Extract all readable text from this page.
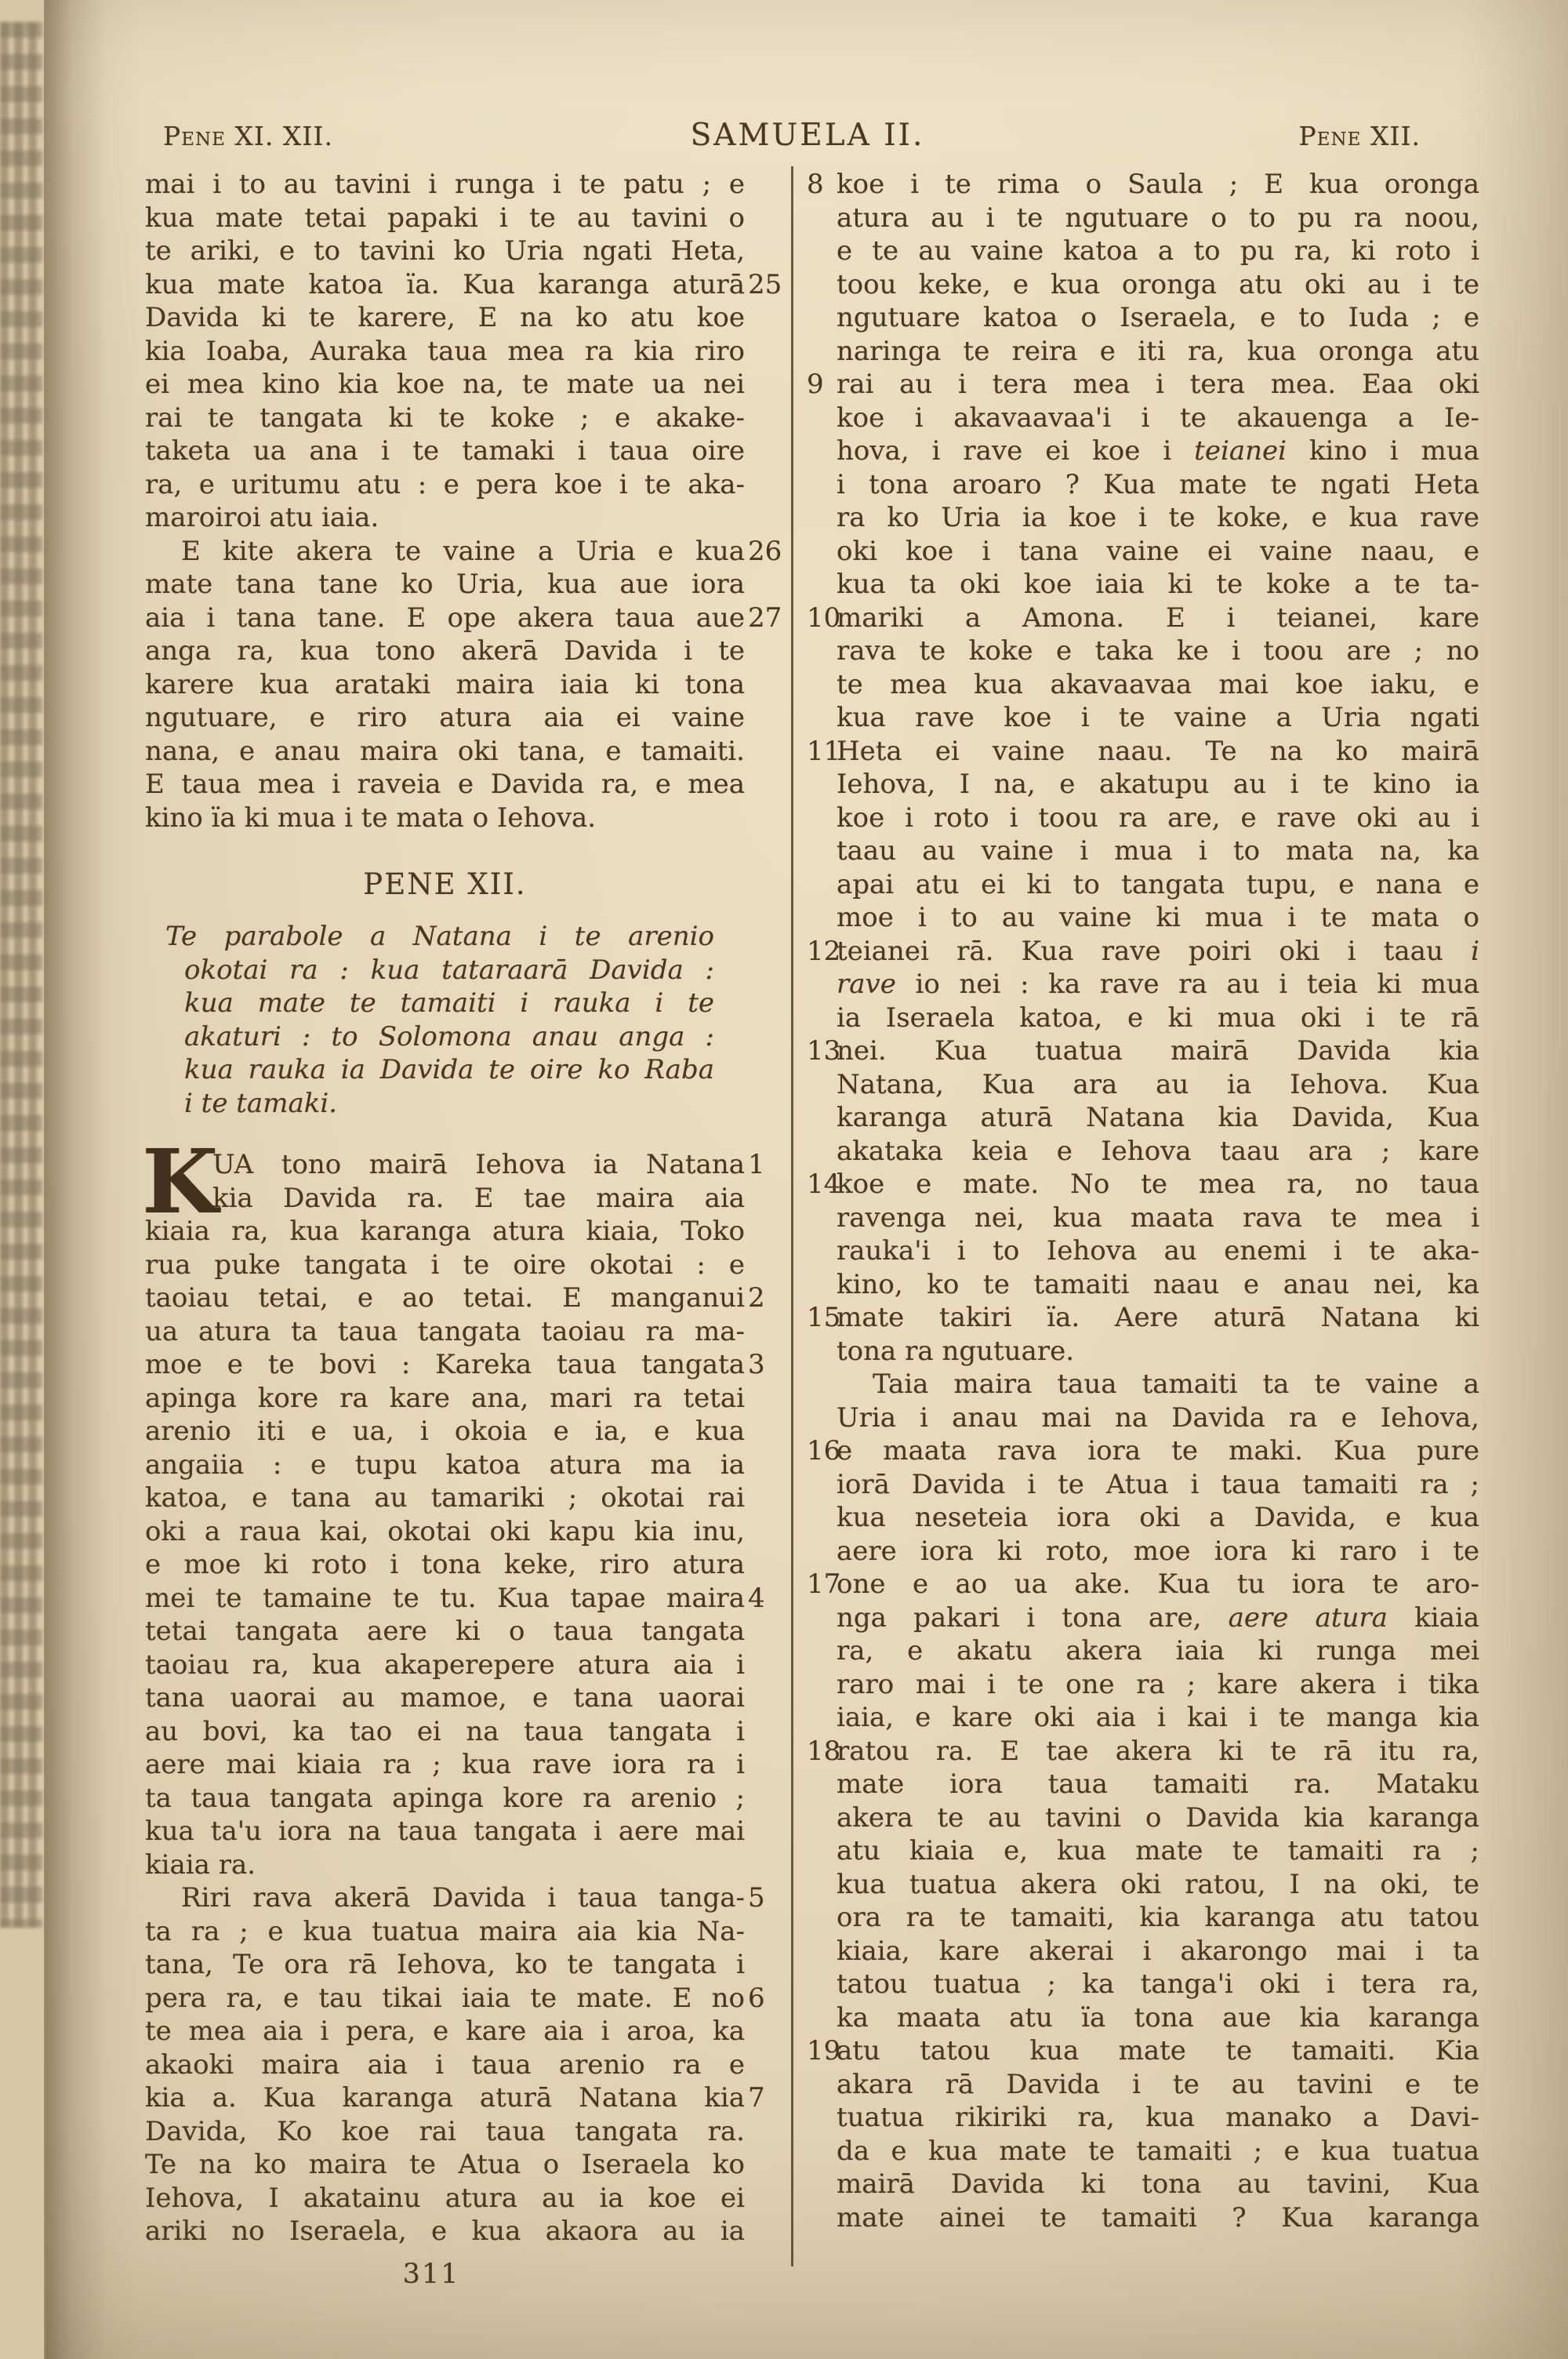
Pene XI. XII.	SAMUELA II.	Pene XII.
mai i to au tavini i runga i te patu ; e
kua mate tetai papaki i te au tavini o
te ariki, e to tavini ko Uria ngati Heta,
25
kua mate katoa ïa. Kua karanga aturā
Davida ki te karere, E na ko atu koe
kia Ioaba, Auraka taua mea ra kia riro
ei mea kino kia koe na, te mate ua nei
rai te tangata ki te koke ; e akake-
taketa ua ana i te tamaki i taua oire
ra, e uritumu atu : e pera koe i te aka-
maroiroi atu iaia.
26
E kite akera te vaine a Uria e kua
mate tana tane ko Uria, kua aue iora
27
aia i tana tane. E ope akera taua aue
anga ra, kua tono akerā Davida i te
karere kua arataki maira iaia ki tona
ngutuare, e riro atura aia ei vaine
nana, e anau maira oki tana, e tamaiti.
E taua mea i raveia e Davida ra, e mea
kino ïa ki mua i te mata o Iehova.
PENE XII.
Te parabole a Natana i te arenio
okotai ra : kua tataraarā Davida :
kua mate te tamaiti i rauka i te
akaturi : to Solomona anau anga :
kua rauka ia Davida te oire ko Raba
i te tamaki.
K	1
UA tono mairā Iehova ia Natana
kia Davida ra. E tae maira aia
kiaia ra, kua karanga atura kiaia, Toko
rua puke tangata i te oire okotai : e
2
taoiau tetai, e ao tetai. E manganui
ua atura ta taua tangata taoiau ra ma-
3
moe e te bovi : Kareka taua tangata
apinga kore ra kare ana, mari ra tetai
arenio iti e ua, i okoia e ia, e kua
angaiia : e tupu katoa atura ma ia
katoa, e tana au tamariki ; okotai rai
oki a raua kai, okotai oki kapu kia inu,
e moe ki roto i tona keke, riro atura
4
mei te tamaine te tu. Kua tapae maira
tetai tangata aere ki o taua tangata
taoiau ra, kua akaperepere atura aia i
tana uaorai au mamoe, e tana uaorai
au bovi, ka tao ei na taua tangata i
aere mai kiaia ra ; kua rave iora ra i
ta taua tangata apinga kore ra arenio ;
kua ta'u iora na taua tangata i aere mai
kiaia ra.
5
Riri rava akerā Davida i taua tanga-
ta ra ; e kua tuatua maira aia kia Na-
tana, Te ora rā Iehova, ko te tangata i
6
pera ra, e tau tikai iaia te mate. E no
te mea aia i pera, e kare aia i aroa, ka
akaoki maira aia i taua arenio ra e
7
kia a. Kua karanga aturā Natana kia
Davida, Ko koe rai taua tangata ra.
Te na ko maira te Atua o Iseraela ko
Iehova, I akatainu atura au ia koe ei
ariki no Iseraela, e kua akaora au ia
8 koe i te rima o Saula ; E kua oronga
atura au i te ngutuare o to pu ra noou,
e te au vaine katoa a to pu ra, ki roto i
toou keke, e kua oronga atu oki au i te
ngutuare katoa o Iseraela, e to Iuda ; e
naringa te reira e iti ra, kua oronga atu
9 rai au i tera mea i tera mea. Eaa oki
koe i akavaavaa'i i te akauenga a Ie-
hova, i rave ei koe i teianei kino i mua
i tona aroaro ? Kua mate te ngati Heta
ra ko Uria ia koe i te koke, e kua rave
oki koe i tana vaine ei vaine naau, e
kua ta oki koe iaia ki te koke a te ta-
10
mariki a Amona. E i teianei, kare
rava te koke e taka ke i toou are ; no
te mea kua akavaavaa mai koe iaku, e
kua rave koe i te vaine a Uria ngati
11
Heta ei vaine naau. Te na ko mairā
Iehova, I na, e akatupu au i te kino ia
koe i roto i toou ra are, e rave oki au i
taau au vaine i mua i to mata na, ka
apai atu ei ki to tangata tupu, e nana e
moe i to au vaine ki mua i te mata o
12
teianei rā. Kua rave poiri oki i taau i
rave io nei : ka rave ra au i teia ki mua
ia Iseraela katoa, e ki mua oki i te rā
13
nei. Kua tuatua mairā Davida kia
Natana, Kua ara au ia Iehova. Kua
karanga aturā Natana kia Davida, Kua
akataka keia e Iehova taau ara ; kare
14
koe e mate. No te mea ra, no taua
ravenga nei, kua maata rava te mea i
rauka'i i to Iehova au enemi i te aka-
kino, ko te tamaiti naau e anau nei, ka
15
mate takiri ïa. Aere aturā Natana ki
tona ra ngutuare.
Taia maira taua tamaiti ta te vaine a
Uria i anau mai na Davida ra e Iehova,
16
e maata rava iora te maki. Kua pure
iorā Davida i te Atua i taua tamaiti ra ;
kua neseteia iora oki a Davida, e kua
aere iora ki roto, moe iora ki raro i te
17
one e ao ua ake. Kua tu iora te aro-
nga pakari i tona are, aere atura kiaia
ra, e akatu akera iaia ki runga mei
raro mai i te one ra ; kare akera i tika
iaia, e kare oki aia i kai i te manga kia
18
ratou ra. E tae akera ki te rā itu ra,
mate iora taua tamaiti ra. Mataku
akera te au tavini o Davida kia karanga
atu kiaia e, kua mate te tamaiti ra ;
kua tuatua akera oki ratou, I na oki, te
ora ra te tamaiti, kia karanga atu tatou
kiaia, kare akerai i akarongo mai i ta
tatou tuatua ; ka tanga'i oki i tera ra,
ka maata atu ïa tona aue kia karanga
19
atu tatou kua mate te tamaiti. Kia
akara rā Davida i te au tavini e te
tuatua rikiriki ra, kua manako a Davi-
da e kua mate te tamaiti ; e kua tuatua
mairā Davida ki tona au tavini, Kua
mate ainei te tamaiti ? Kua karanga
311
